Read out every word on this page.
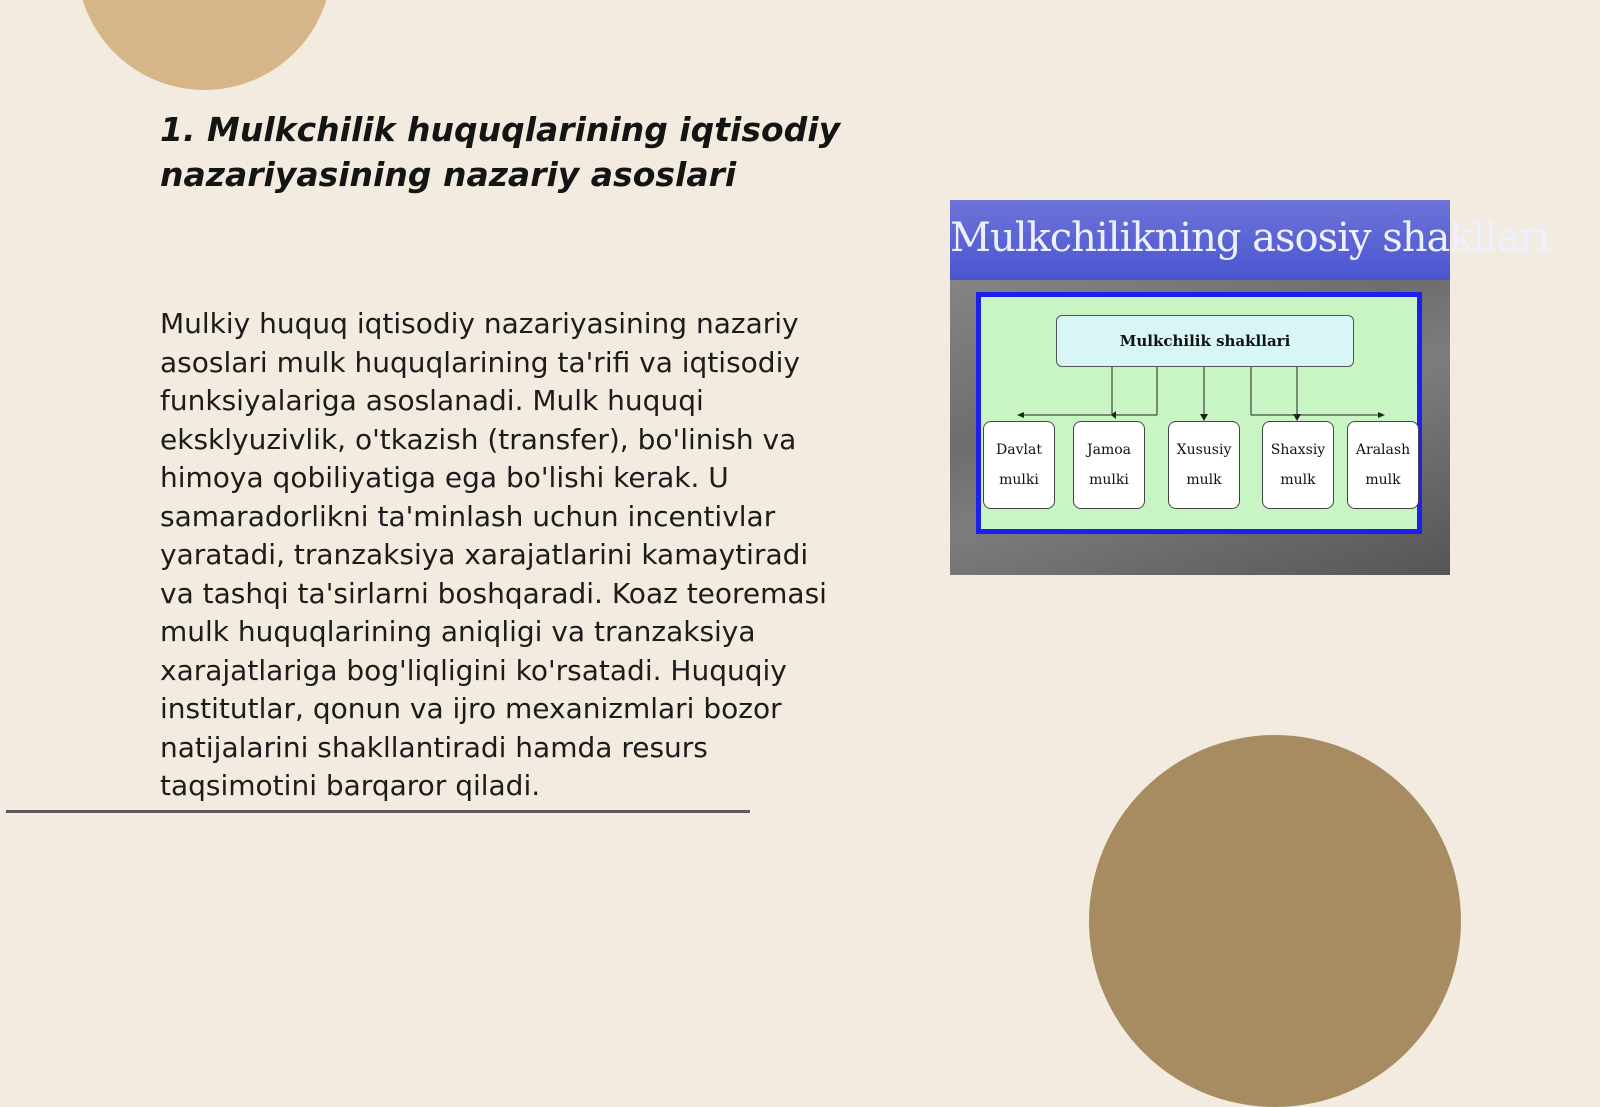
1. Mulkchilik huquqlarining iqtisodiy nazariyasining nazariy asoslari

Mulkiy huquq iqtisodiy nazariyasining nazariy asoslari mulk huquqlarining ta'rifi va iqtisodiy funksiyalariga asoslanadi. Mulk huquqi eksklyuzivlik, o'tkazish (transfer), bo'linish va himoya qobiliyatiga ega bo'lishi kerak. U samaradorlikni ta'minlash uchun incentivlar yaratadi, tranzaksiya xarajatlarini kamaytiradi va tashqi ta'sirlarni boshqaradi. Koaz teoremasi mulk huquqlarining aniqligi va tranzaksiya xarajatlariga bog'liqligini ko'rsatadi. Huquqiy institutlar, qonun va ijro mexanizmlari bozor natijalarini shakllantiradi hamda resurs taqsimotini barqaror qiladi.

Mulkchilikning asosiy shakllari
Mulkchilik shakllari
Davlat
mulki
Jamoa
mulki
Xususiy
mulk
Shaxsiy
mulk
Aralash
mulk
